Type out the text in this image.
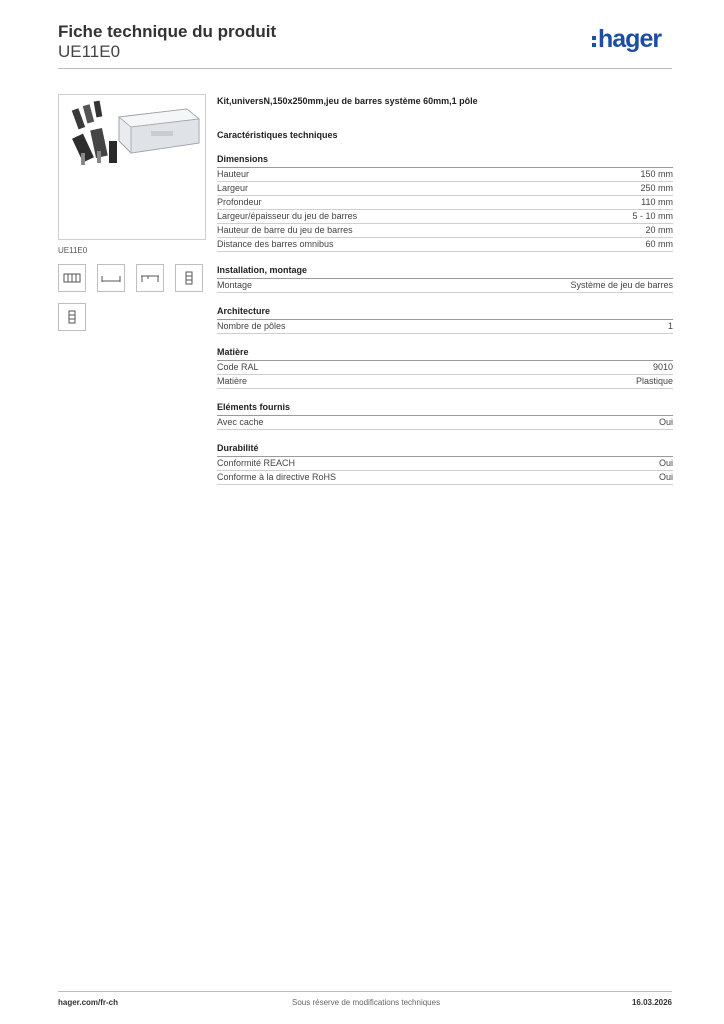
Fiche technique du produit
UE11E0	hager
UE11E0
Kit,universN,150x250mm,jeu de barres système 60mm,1 pôle
Caractéristiques techniques
Dimensions
Hauteur	150 mm
Largeur	250 mm
Profondeur	110 mm
Largeur/épaisseur du jeu de barres	5 - 10 mm
Hauteur de barre du jeu de barres	20 mm
Distance des barres omnibus	60 mm
Installation, montage
Montage	Système de jeu de barres
Architecture
Nombre de pôles	1
Matière
Code RAL	9010
Matière	Plastique
Eléments fournis
Avec cache	Oui
Durabilité
Conformité REACH	Oui
Conforme à la directive RoHS	Oui
hager.com/fr-ch	Sous réserve de modifications techniques	16.03.2026
